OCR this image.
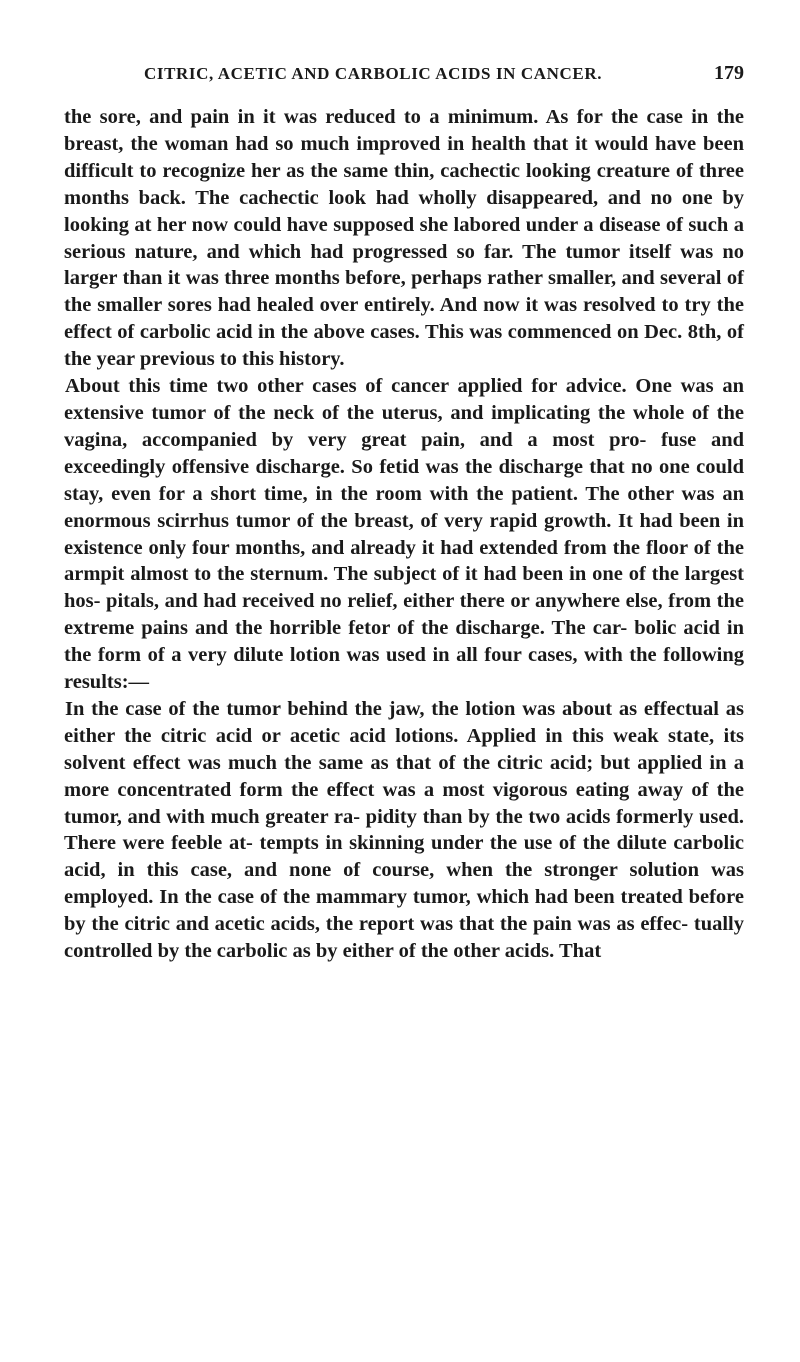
CITRIC, ACETIC AND CARBOLIC ACIDS IN CANCER.	179

the sore, and pain in it was reduced to a minimum. As for the case in the breast, the woman had so much improved in health that it would have been difficult to recognize her as the same thin, cachectic looking creature of three months back. The cachectic look had wholly disappeared, and no one by looking at her now could have supposed she labored under a disease of such a serious nature, and which had progressed so far. The tumor itself was no larger than it was three months before, perhaps rather smaller, and several of the smaller sores had healed over entirely. And now it was resolved to try the effect of carbolic acid in the above cases. This was commenced on Dec. 8th, of the year previous to this history.

About this time two other cases of cancer applied for advice. One was an extensive tumor of the neck of the uterus, and implicating the whole of the vagina, accompanied by very great pain, and a most pro- fuse and exceedingly offensive discharge. So fetid was the discharge that no one could stay, even for a short time, in the room with the patient. The other was an enormous scirrhus tumor of the breast, of very rapid growth. It had been in existence only four months, and already it had extended from the floor of the armpit almost to the sternum. The subject of it had been in one of the largest hos- pitals, and had received no relief, either there or anywhere else, from the extreme pains and the horrible fetor of the discharge. The car- bolic acid in the form of a very dilute lotion was used in all four cases, with the following results:—

In the case of the tumor behind the jaw, the lotion was about as effectual as either the citric acid or acetic acid lotions. Applied in this weak state, its solvent effect was much the same as that of the citric acid; but applied in a more concentrated form the effect was a most vigorous eating away of the tumor, and with much greater ra- pidity than by the two acids formerly used. There were feeble at- tempts in skinning under the use of the dilute carbolic acid, in this case, and none of course, when the stronger solution was employed. In the case of the mammary tumor, which had been treated before by the citric and acetic acids, the report was that the pain was as effec- tually controlled by the carbolic as by either of the other acids. That
